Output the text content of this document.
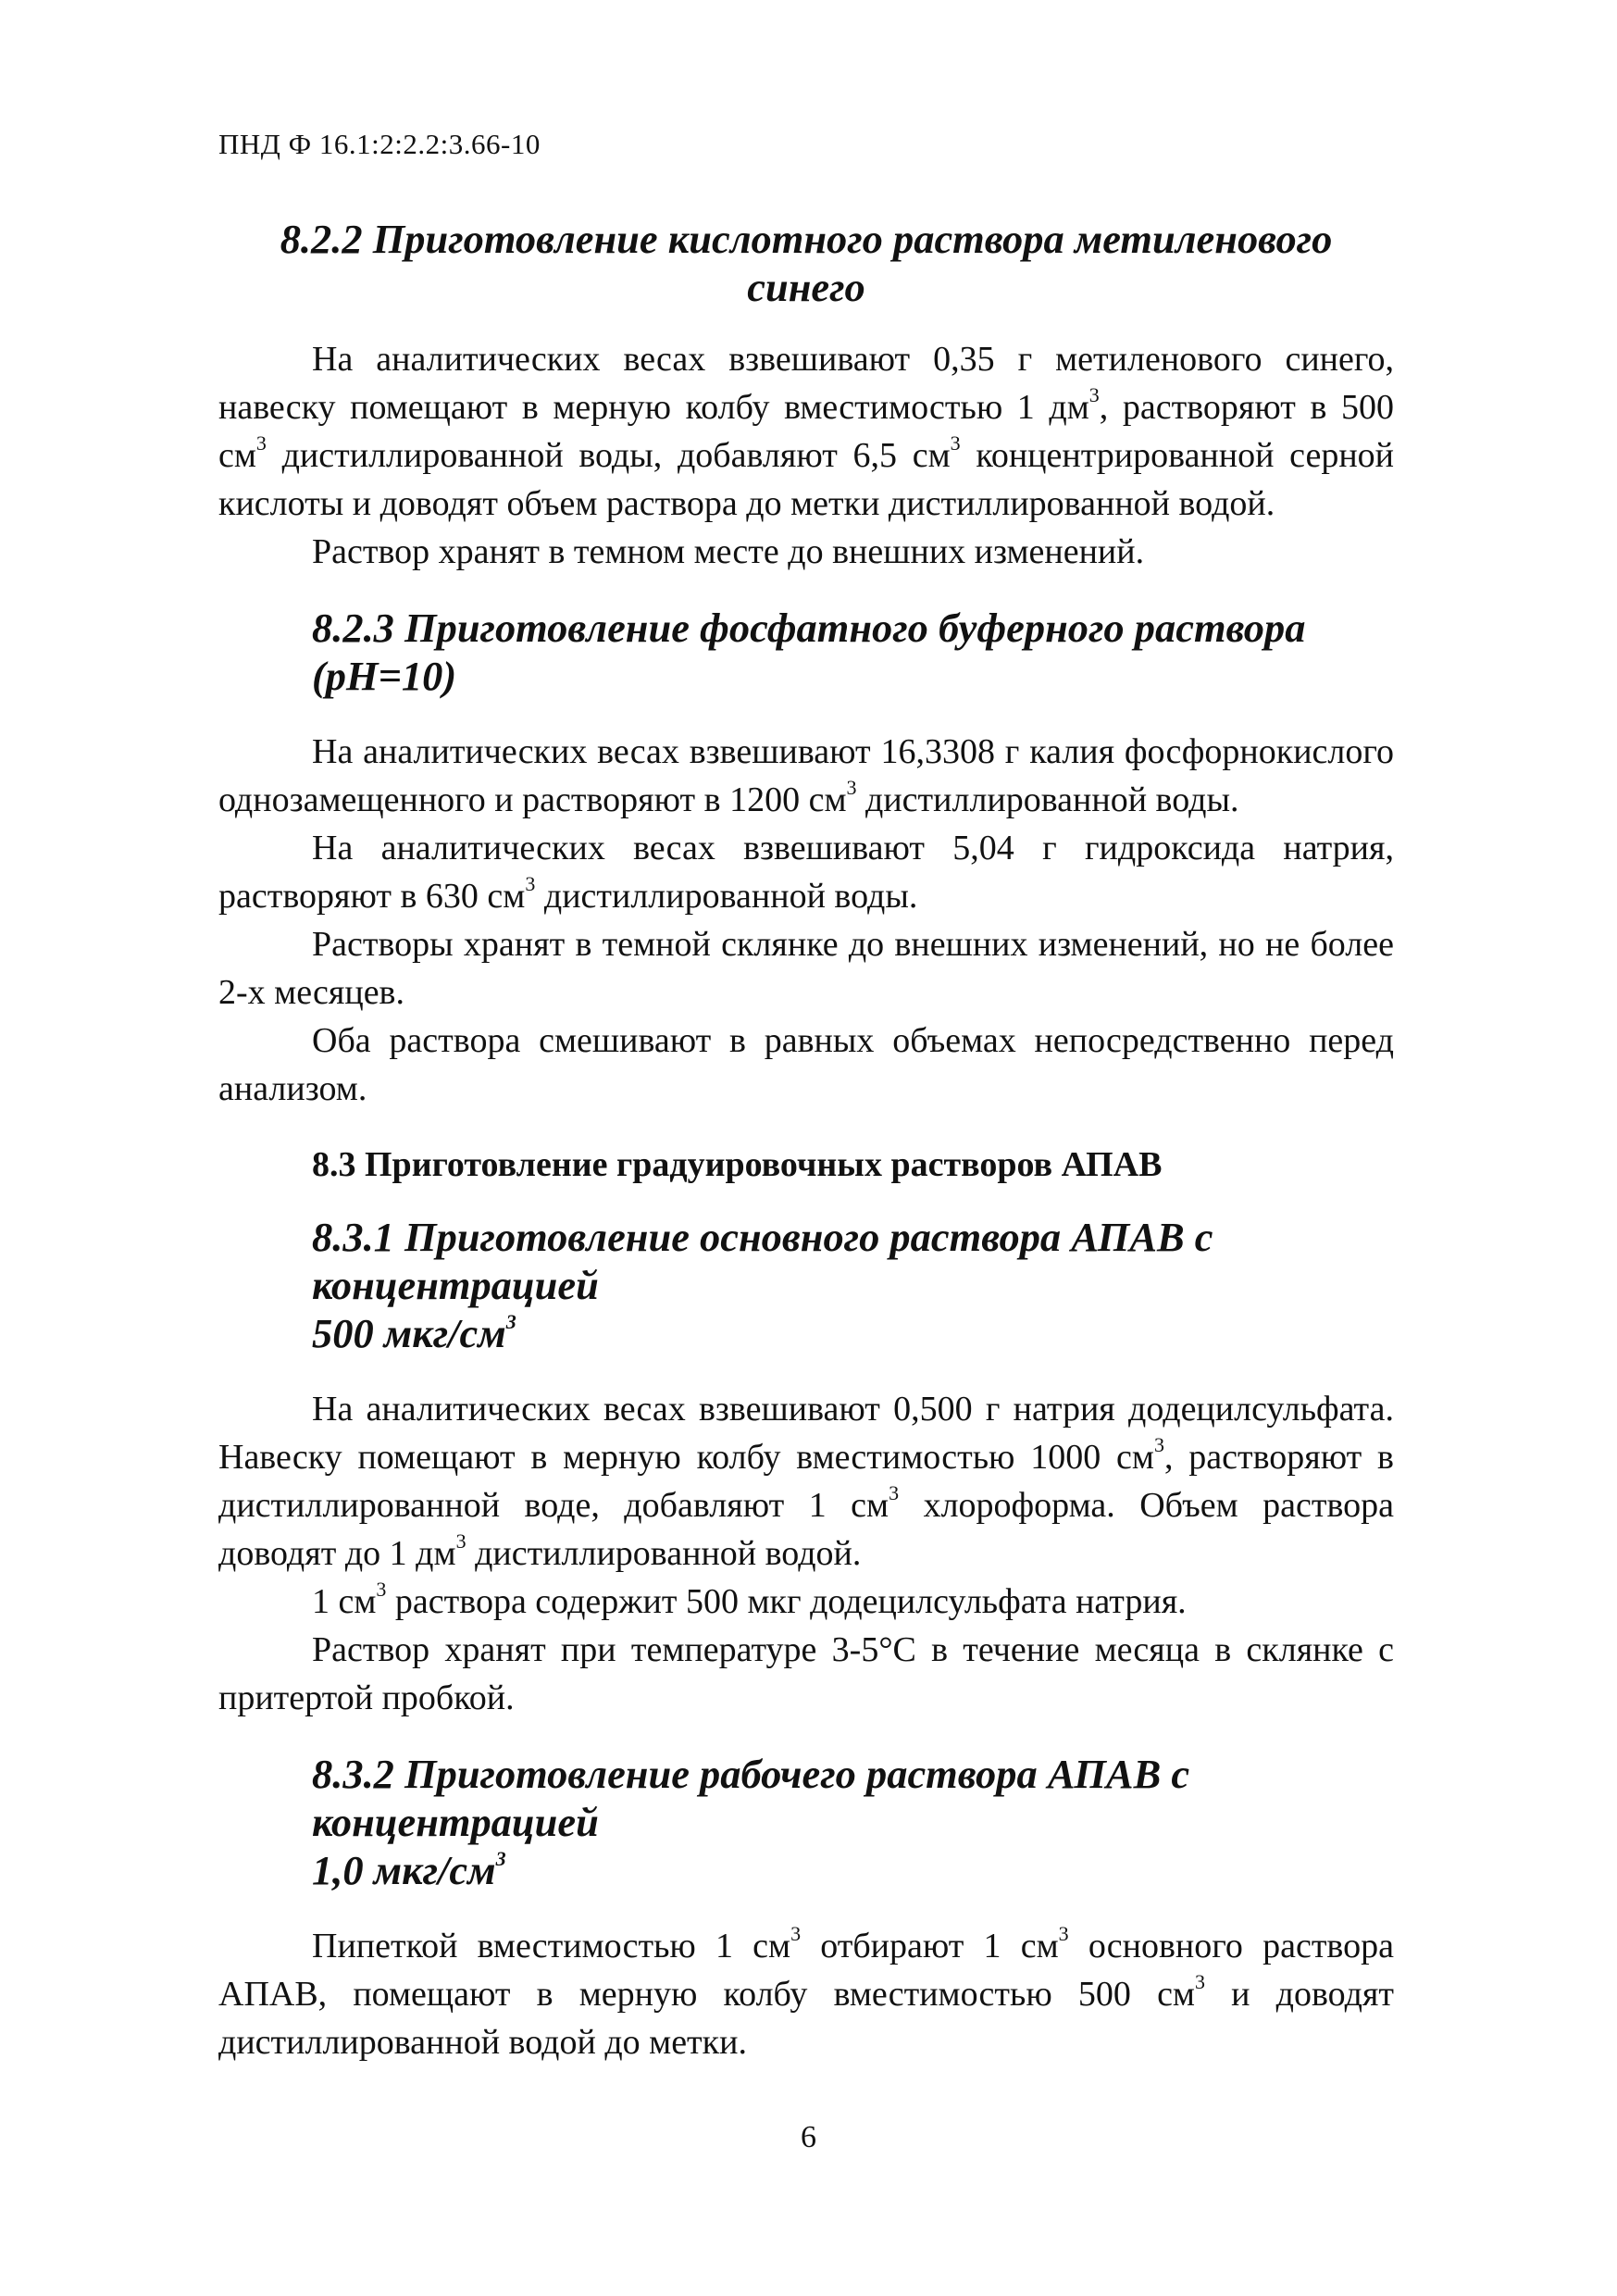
ПНД Ф 16.1:2:2.2:3.66-10
8.2.2 Приготовление кислотного раствора метиленового синего

На аналитических весах взвешивают 0,35 г метиленового синего, навеску помещают в мерную колбу вместимостью 1 $дм^3$, растворяют в 500 $см^3$ дистиллированной воды, добавляют 6,5 $см^3$ концентрированной серной кислоты и доводят объем раствора до метки дистиллированной водой.

Раствор хранят в темном месте до внешних изменений.

8.2.3 Приготовление фосфатного буферного раствора (pH=10)

На аналитических весах взвешивают 16,3308 г калия фосфорнокислого однозамещенного и растворяют в 1200 $см^3$ дистиллированной воды.

На аналитических весах взвешивают 5,04 г гидроксида натрия, растворяют в 630 $см^3$ дистиллированной воды.

Растворы хранят в темной склянке до внешних изменений, но не более 2-х месяцев.

Оба раствора смешивают в равных объемах непосредственно перед анализом.

8.3 Приготовление градуировочных растворов АПАВ
8.3.1 Приготовление основного раствора АПАВ с концентрацией
500 мкг/$см^3$

На аналитических весах взвешивают 0,500 г натрия додецилсульфата. Навеску помещают в мерную колбу вместимостью 1000 $см^3$, растворяют в дистиллированной воде, добавляют 1 $см^3$ хлороформа. Объем раствора доводят до 1 $дм^3$ дистиллированной водой.

1 $см^3$ раствора содержит 500 мкг додецилсульфата натрия.

Раствор хранят при температуре 3-5°С в течение месяца в склянке с притертой пробкой.

8.3.2 Приготовление рабочего раствора АПАВ с концентрацией
1,0 мкг/$см^3$

Пипеткой вместимостью 1 $см^3$ отбирают 1 $см^3$ основного раствора АПАВ, помещают в мерную колбу вместимостью 500 $см^3$ и доводят дистиллированной водой до метки.

6
